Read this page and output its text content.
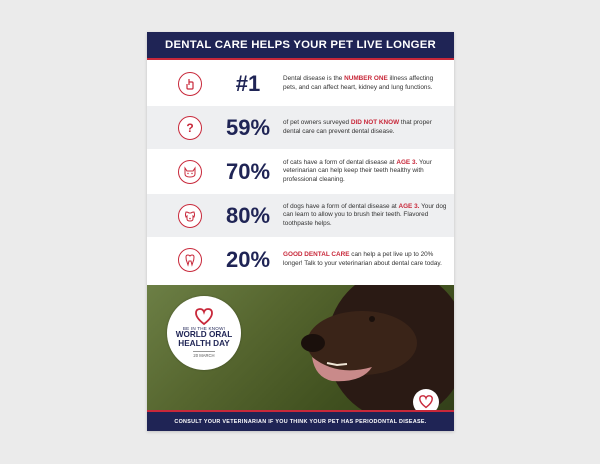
DENTAL CARE HELPS YOUR PET LIVE LONGER
#1	Dental disease is the NUMBER ONE illness affecting pets, and can affect heart, kidney and lung functions.
?	59%	of pet owners surveyed DID NOT KNOW that proper dental care can prevent dental disease.
70%	of cats have a form of dental disease at AGE 3. Your veterinarian can help keep their teeth healthy with professional cleaning.
80%	of dogs have a form of dental disease at AGE 3. Your dog can learn to allow you to brush their teeth. Flavored toothpaste helps.
20%	GOOD DENTAL CARE can help a pet live up to 20% longer! Talk to your veterinarian about dental care today.
BE IN THE KNOW!
WORLD ORAL HEALTH DAY
20 MARCH
CONSULT YOUR VETERINARIAN IF YOU THINK YOUR PET HAS PERIODONTAL DISEASE.
